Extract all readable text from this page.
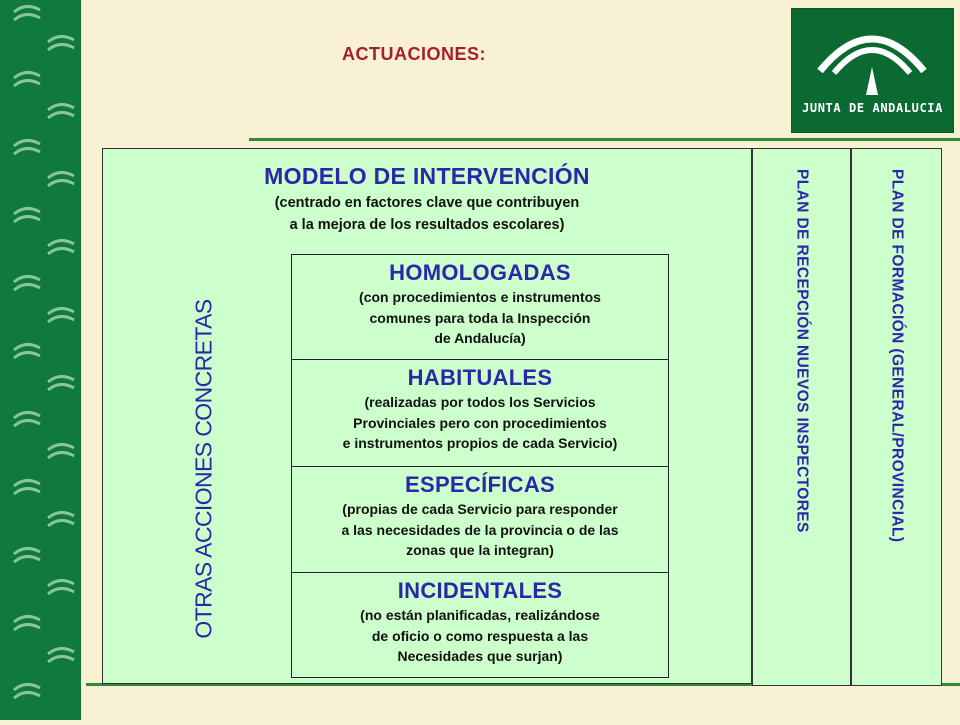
ACTUACIONES:
JUNTA DE ANDALUCIA
PLAN DE RECEPCIÓN NUEVOS INSPECTORES	PLAN DE FORMACIÓN (GENERAL/PROVINCIAL)
MODELO DE INTERVENCIÓN
(centrado en factores clave que contribuyen
a la mejora de los resultados escolares)
OTRAS ACCIONES CONCRETAS
HOMOLOGADAS
(con procedimientos e instrumentos
comunes para toda la Inspección
de Andalucía)
HABITUALES
(realizadas por todos los Servicios
Provinciales pero con procedimientos
e instrumentos propios de cada Servicio)
ESPECÍFICAS
(propias de cada Servicio para responder
a las necesidades de la provincia o de las
zonas que la integran)
INCIDENTALES
(no están planificadas, realizándose
de oficio o como respuesta a las
Necesidades que surjan)
